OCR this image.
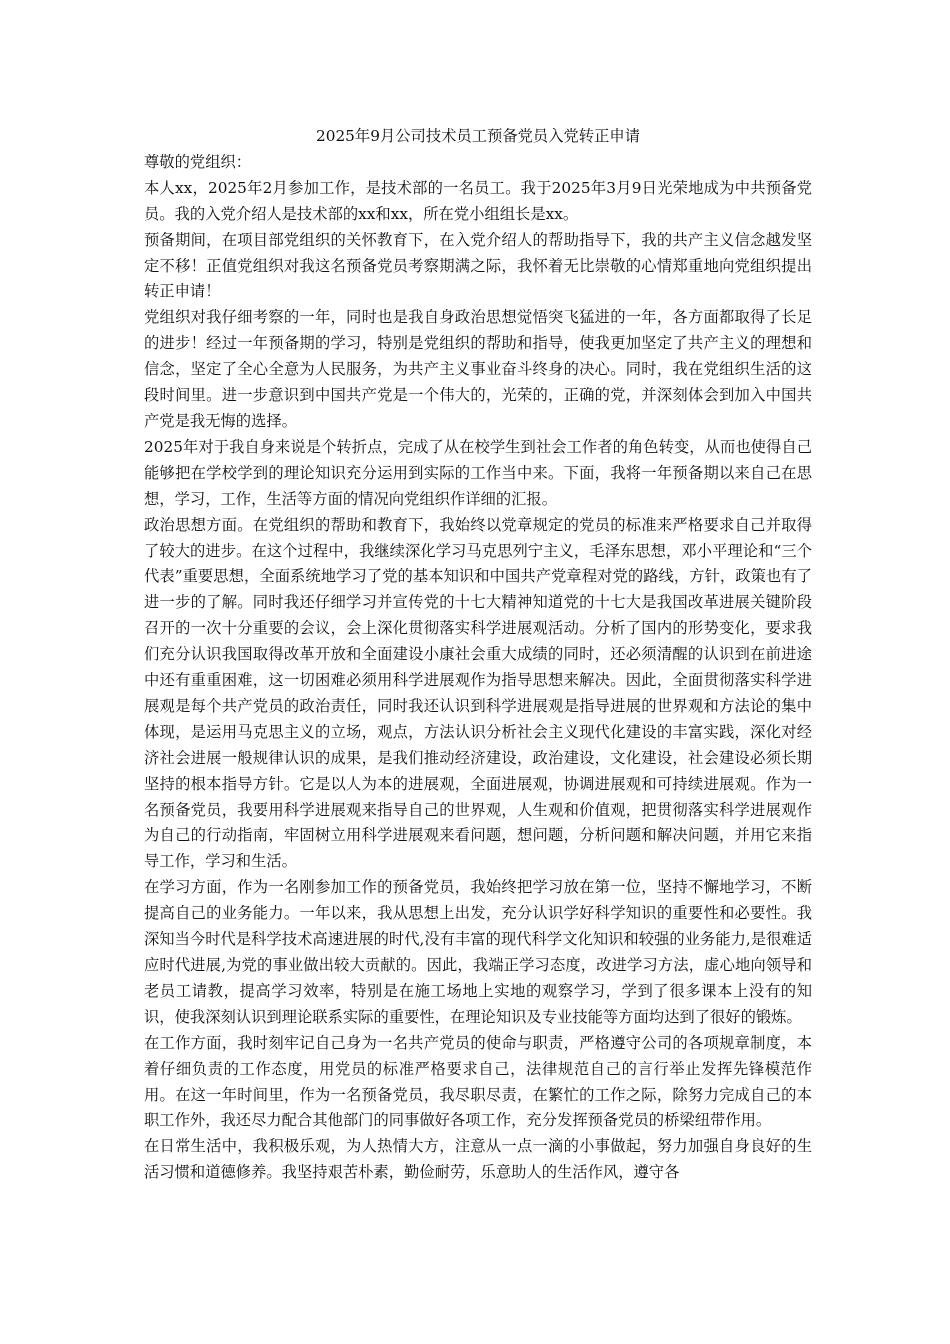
2025年9月公司技术员工预备党员入党转正申请

尊敬的党组织：

本人xx，2025年2月参加工作，是技术部的一名员工。我于2025年3月9日光荣地成为中共预备党员。我的入党介绍人是技术部的xx和xx，所在党小组组长是xx。

预备期间，在项目部党组织的关怀教育下，在入党介绍人的帮助指导下，我的共产主义信念越发坚定不移！正值党组织对我这名预备党员考察期满之际，我怀着无比崇敬的心情郑重地向党组织提出转正申请！

党组织对我仔细考察的一年，同时也是我自身政治思想觉悟突飞猛进的一年，各方面都取得了长足的进步！经过一年预备期的学习，特别是党组织的帮助和指导，使我更加坚定了共产主义的理想和信念，坚定了全心全意为人民服务，为共产主义事业奋斗终身的决心。同时，我在党组织生活的这段时间里。进一步意识到中国共产党是一个伟大的，光荣的，正确的党，并深刻体会到加入中国共产党是我无悔的选择。

2025年对于我自身来说是个转折点，完成了从在校学生到社会工作者的角色转变，从而也使得自己能够把在学校学到的理论知识充分运用到实际的工作当中来。下面，我将一年预备期以来自己在思想，学习，工作，生活等方面的情况向党组织作详细的汇报。

政治思想方面。在党组织的帮助和教育下，我始终以党章规定的党员的标准来严格要求自己并取得了较大的进步。在这个过程中，我继续深化学习马克思列宁主义，毛泽东思想，邓小平理论和“三个代表”重要思想，全面系统地学习了党的基本知识和中国共产党章程对党的路线，方针，政策也有了进一步的了解。同时我还仔细学习并宣传党的十七大精神知道党的十七大是我国改革进展关键阶段召开的一次十分重要的会议，会上深化贯彻落实科学进展观活动。分析了国内的形势变化，要求我们充分认识我国取得改革开放和全面建设小康社会重大成绩的同时，还必须清醒的认识到在前进途中还有重重困难，这一切困难必须用科学进展观作为指导思想来解决。因此，全面贯彻落实科学进展观是每个共产党员的政治责任，同时我还认识到科学进展观是指导进展的世界观和方法论的集中体现，是运用马克思主义的立场，观点，方法认识分析社会主义现代化建设的丰富实践，深化对经济社会进展一般规律认识的成果，是我们推动经济建设，政治建设，文化建设，社会建设必须长期坚持的根本指导方针。它是以人为本的进展观，全面进展观，协调进展观和可持续进展观。作为一名预备党员，我要用科学进展观来指导自己的世界观，人生观和价值观，把贯彻落实科学进展观作为自己的行动指南，牢固树立用科学进展观来看问题，想问题，分析问题和解决问题，并用它来指导工作，学习和生活。

在学习方面，作为一名刚参加工作的预备党员，我始终把学习放在第一位，坚持不懈地学习，不断提高自己的业务能力。一年以来，我从思想上出发，充分认识学好科学知识的重要性和必要性。我深知当今时代是科学技术高速进展的时代,没有丰富的现代科学文化知识和较强的业务能力,是很难适应时代进展,为党的事业做出较大贡献的。因此，我端正学习态度，改进学习方法，虚心地向领导和老员工请教，提高学习效率，特别是在施工场地上实地的观察学习，学到了很多课本上没有的知识，使我深刻认识到理论联系实际的重要性，在理论知识及专业技能等方面均达到了很好的锻炼。

在工作方面，我时刻牢记自己身为一名共产党员的使命与职责，严格遵守公司的各项规章制度，本着仔细负责的工作态度，用党员的标准严格要求自己，法律规范自己的言行举止发挥先锋模范作用。在这一年时间里，作为一名预备党员，我尽职尽责，在繁忙的工作之际，除努力完成自己的本职工作外，我还尽力配合其他部门的同事做好各项工作，充分发挥预备党员的桥梁纽带作用。

在日常生活中，我积极乐观，为人热情大方，注意从一点一滴的小事做起，努力加强自身良好的生活习惯和道德修养。我坚持艰苦朴素，勤俭耐劳，乐意助人的生活作风，遵守各
